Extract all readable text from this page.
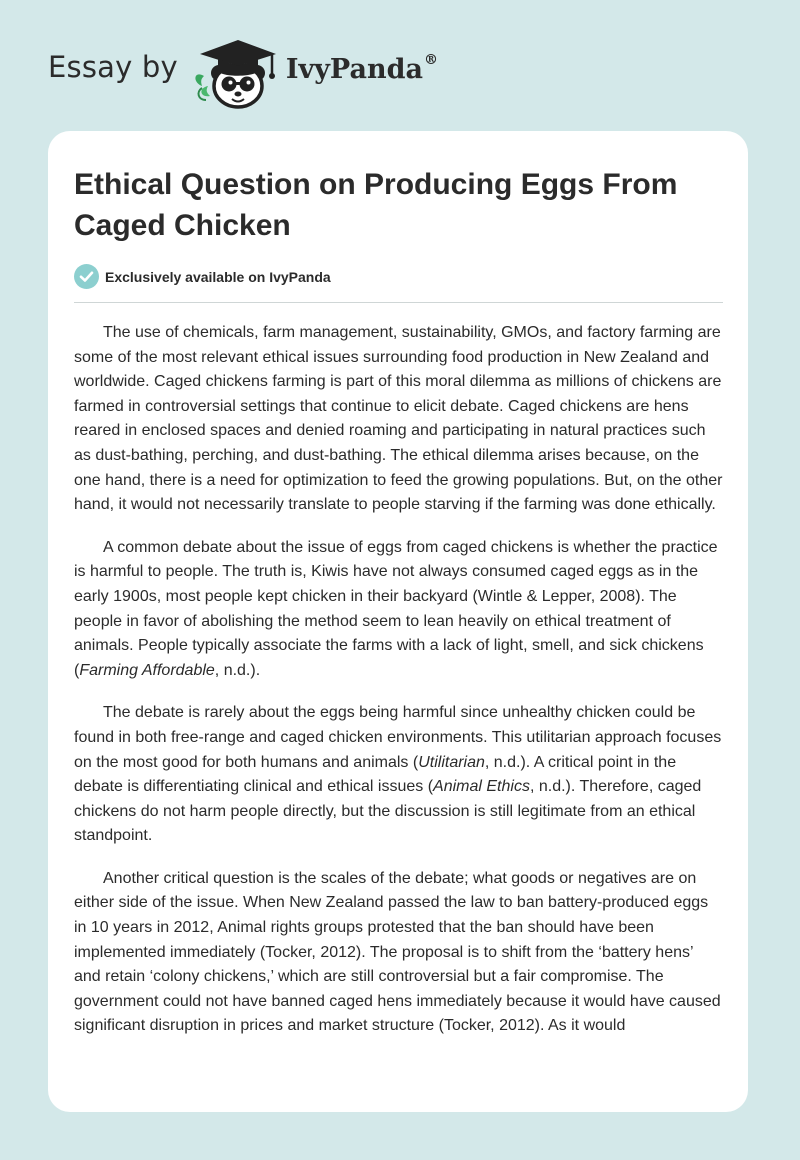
Essay by	IvyPanda®
Ethical Question on Producing Eggs From Caged Chicken
Exclusively available on IvyPanda

The use of chemicals, farm management, sustainability, GMOs, and factory farming are some of the most relevant ethical issues surrounding food production in New Zealand and worldwide. Caged chickens farming is part of this moral dilemma as millions of chickens are farmed in controversial settings that continue to elicit debate. Caged chickens are hens reared in enclosed spaces and denied roaming and participating in natural practices such as dust-bathing, perching, and dust-bathing. The ethical dilemma arises because, on the one hand, there is a need for optimization to feed the growing populations. But, on the other hand, it would not necessarily translate to people starving if the farming was done ethically.

A common debate about the issue of eggs from caged chickens is whether the practice is harmful to people. The truth is, Kiwis have not always consumed caged eggs as in the early 1900s, most people kept chicken in their backyard (Wintle & Lepper, 2008). The people in favor of abolishing the method seem to lean heavily on ethical treatment of animals. People typically associate the farms with a lack of light, smell, and sick chickens (Farming Affordable, n.d.).

The debate is rarely about the eggs being harmful since unhealthy chicken could be found in both free-range and caged chicken environments. This utilitarian approach focuses on the most good for both humans and animals (Utilitarian, n.d.). A critical point in the debate is differentiating clinical and ethical issues (Animal Ethics, n.d.). Therefore, caged chickens do not harm people directly, but the discussion is still legitimate from an ethical standpoint.

Another critical question is the scales of the debate; what goods or negatives are on either side of the issue. When New Zealand passed the law to ban battery-produced eggs in 10 years in 2012, Animal rights groups protested that the ban should have been implemented immediately (Tocker, 2012). The proposal is to shift from the ‘battery hens’ and retain ‘colony chickens,’ which are still controversial but a fair compromise. The government could not have banned caged hens immediately because it would have caused significant disruption in prices and market structure (Tocker, 2012). As it would
